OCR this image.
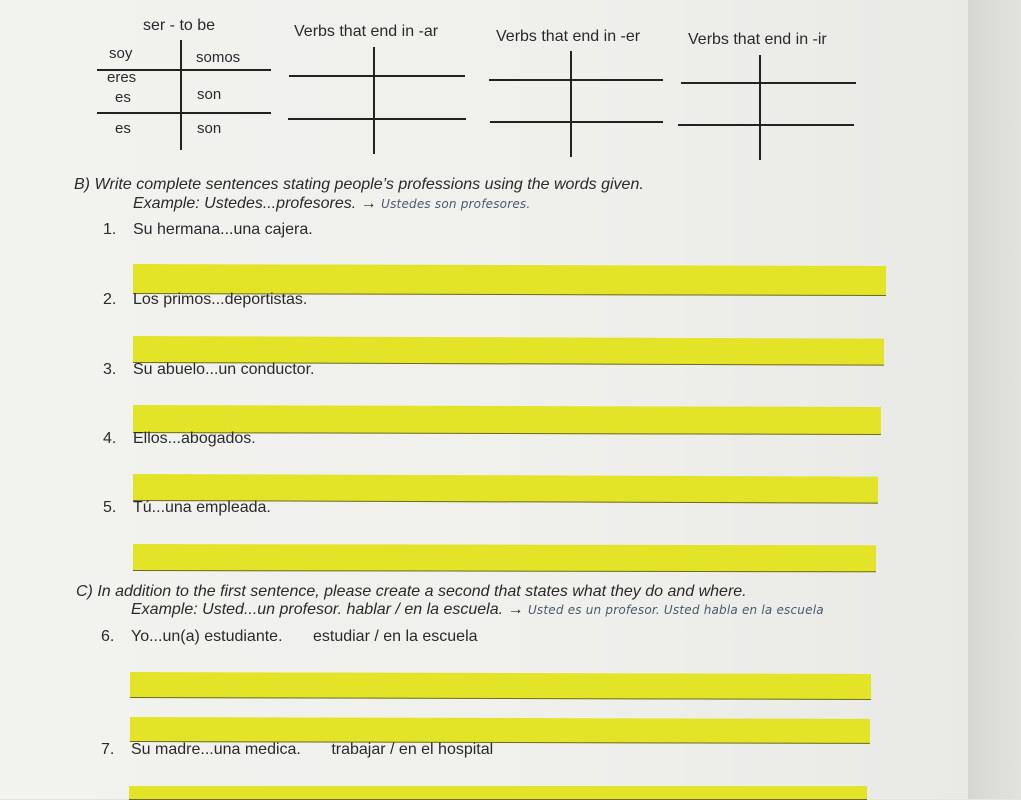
ser - to be
soy	somos
eres
es	son
es	son
Verbs that end in -ar	Verbs that end in -er	Verbs that end in -ir
B) Write complete sentences stating people’s professions using the words given.
Example: Ustedes...profesores. → Ustedes son profesores.
1. Su hermana...una cajera.
2. Los primos...deportistas.
3. Su abuelo...un conductor.
4. Ellos...abogados.
5. Tú...una empleada.
C) In addition to the first sentence, please create a second that states what they do and where.
Example: Usted...un profesor. hablar / en la escuela. → Usted es un profesor. Usted habla en la escuela
6. Yo...un(a) estudiante. estudiar / en la escuela
7. Su madre...una medica. trabajar / en el hospital
